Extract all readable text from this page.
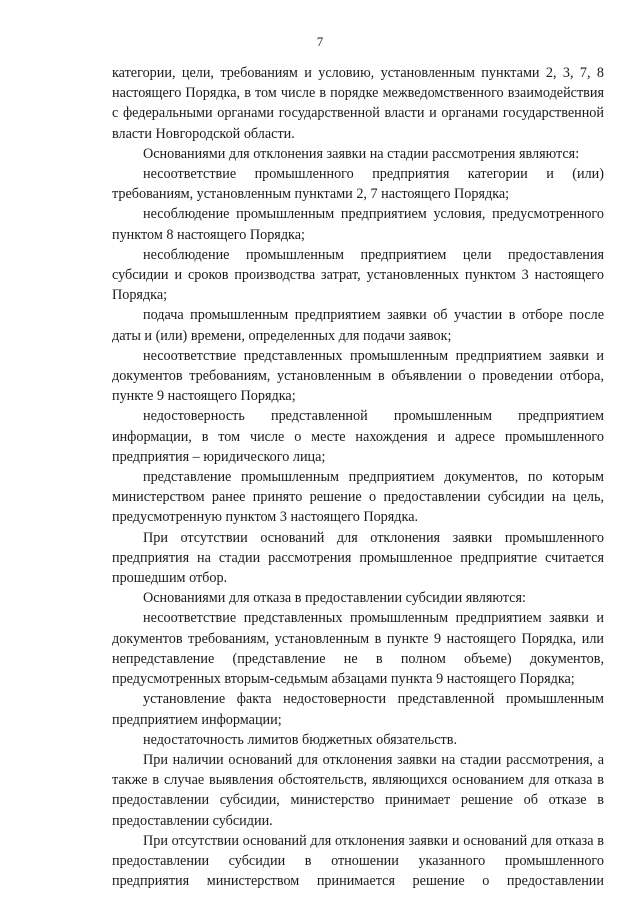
7

категории, цели, требованиям и условию, установленным пунктами 2, 3, 7, 8 настоящего Порядка, в том числе в порядке межведомственного взаимодействия с федеральными органами государственной власти и органами государственной власти Новгородской области.

Основаниями для отклонения заявки на стадии рассмотрения являются:

несоответствие промышленного предприятия категории и (или) требованиям, установленным пунктами 2, 7 настоящего Порядка;

несоблюдение промышленным предприятием условия, предусмотренного пунктом 8 настоящего Порядка;

несоблюдение промышленным предприятием цели предоставления субсидии и сроков производства затрат, установленных пунктом 3 настоящего Порядка;

подача промышленным предприятием заявки об участии в отборе после даты и (или) времени, определенных для подачи заявок;

несоответствие представленных промышленным предприятием заявки и документов требованиям, установленным в объявлении о проведении отбора, пункте 9 настоящего Порядка;

недостоверность представленной промышленным предприятием информации, в том числе о месте нахождения и адресе промышленного предприятия – юридического лица;

представление промышленным предприятием документов, по которым министерством ранее принято решение о предоставлении субсидии на цель, предусмотренную пунктом 3 настоящего Порядка.

При отсутствии оснований для отклонения заявки промышленного предприятия на стадии рассмотрения промышленное предприятие считается прошедшим отбор.

Основаниями для отказа в предоставлении субсидии являются:

несоответствие представленных промышленным предприятием заявки и документов требованиям, установленным в пункте 9 настоящего Порядка, или непредставление (представление не в полном объеме) документов, предусмотренных вторым-седьмым абзацами пункта 9 настоящего Порядка;

установление факта недостоверности представленной промышленным предприятием информации;

недостаточность лимитов бюджетных обязательств.

При наличии оснований для отклонения заявки на стадии рассмотрения, а также в случае выявления обстоятельств, являющихся основанием для отказа в предоставлении субсидии, министерство принимает решение об отказе в предоставлении субсидии.

При отсутствии оснований для отклонения заявки и оснований для отказа в предоставлении субсидии в отношении указанного промышленного предприятия министерством принимается решение о предоставлении
